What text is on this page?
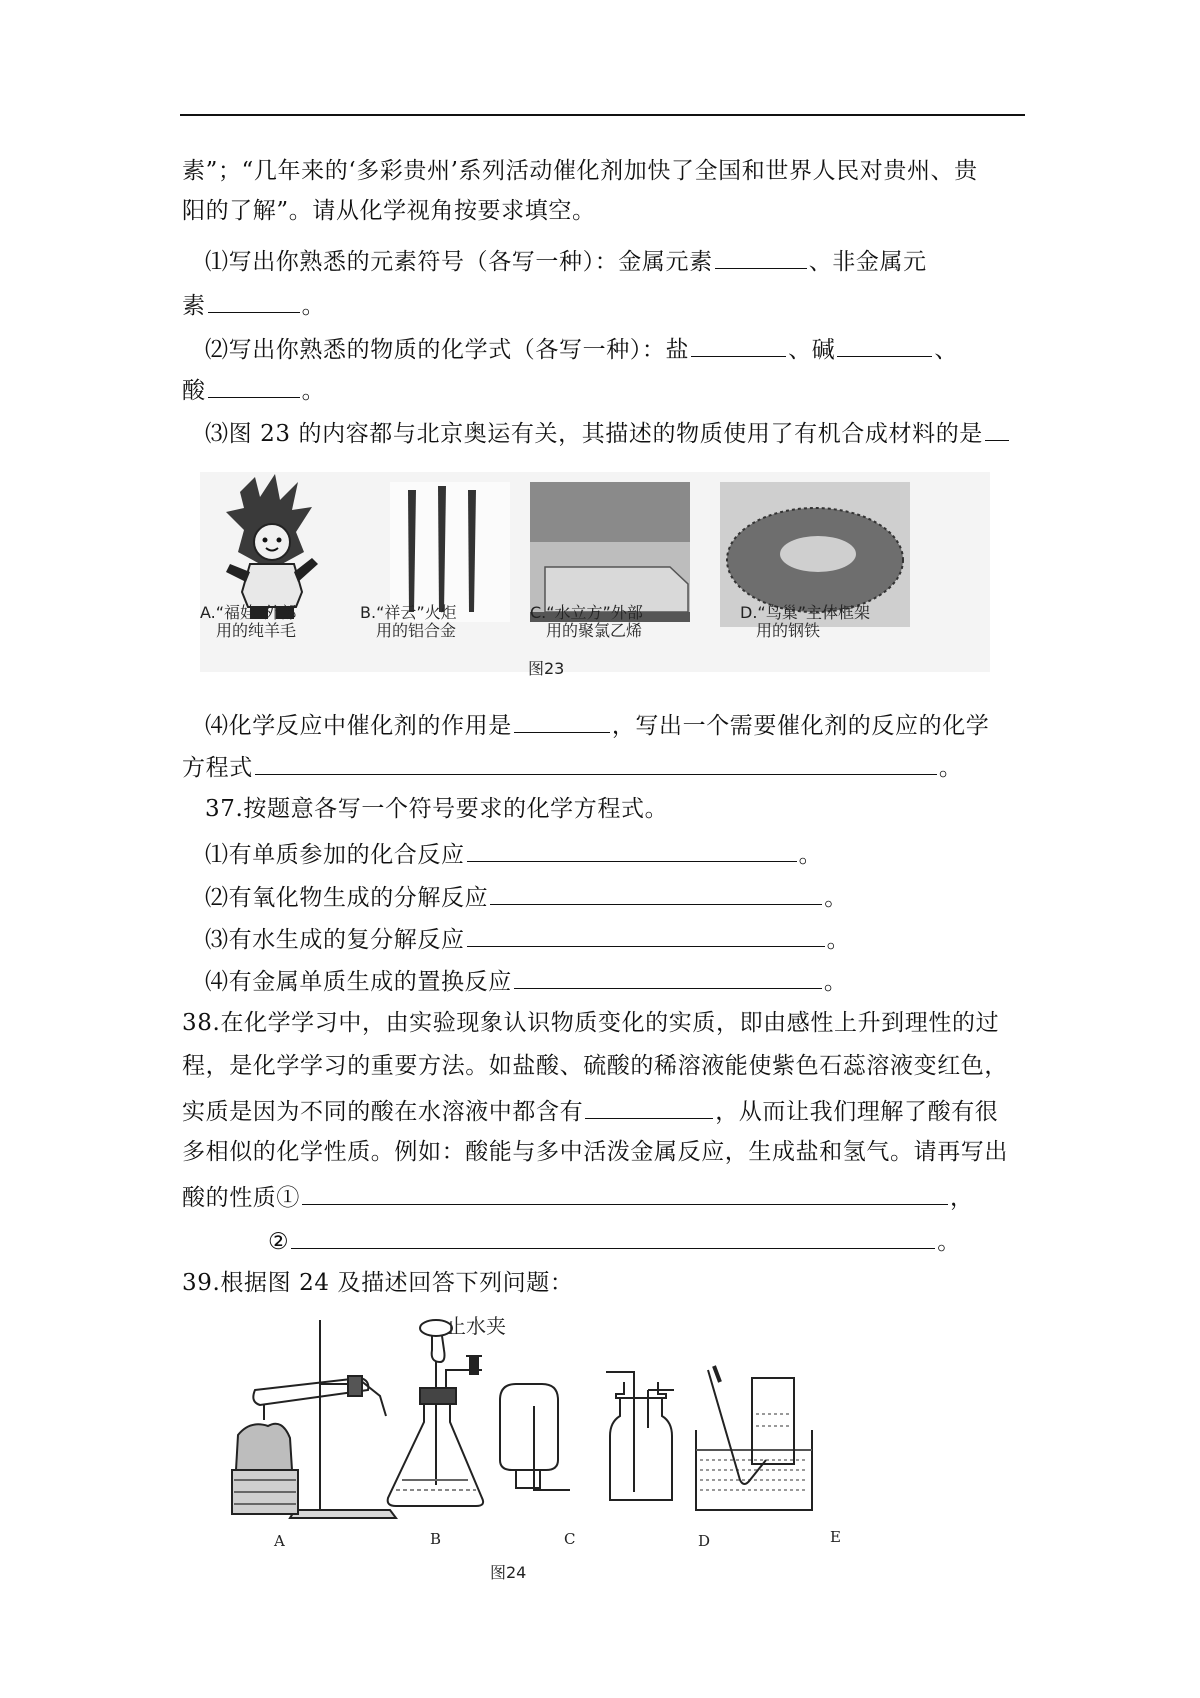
素”；“几年来的‘多彩贵州’系列活动催化剂加快了全国和世界人民对贵州、贵
阳的了解”。请从化学视角按要求填空。
⑴写出你熟悉的元素符号（各写一种）：金属元素	、非金属元
素	。
⑵写出你熟悉的物质的化学式（各写一种）：盐	、碱	、
酸	。
⑶图 23 的内容都与北京奥运有关，其描述的物质使用了有机合成材料的是
A.“福娃”外部
用的纯羊毛
B.“祥云”火炬
用的铝合金
C.“水立方”外部
用的聚氯乙烯
D.“鸟巢”主体框架
用的钢铁
图23
⑷化学反应中催化剂的作用是	，写出一个需要催化剂的反应的化学
方程式	。
37.按题意各写一个符号要求的化学方程式。
⑴有单质参加的化合反应	。
⑵有氧化物生成的分解反应	。
⑶有水生成的复分解反应	。
⑷有金属单质生成的置换反应	。
38.在化学学习中，由实验现象认识物质变化的实质，即由感性上升到理性的过
程，是化学学习的重要方法。如盐酸、硫酸的稀溶液能使紫色石蕊溶液变红色，
实质是因为不同的酸在水溶液中都含有	，从而让我们理解了酸有很
多相似的化学性质。例如：酸能与多中活泼金属反应，生成盐和氢气。请再写出
酸的性质①	，
②	。
39.根据图 24 及描述回答下列问题：
止水夹
A	B	C	D	E
图24
